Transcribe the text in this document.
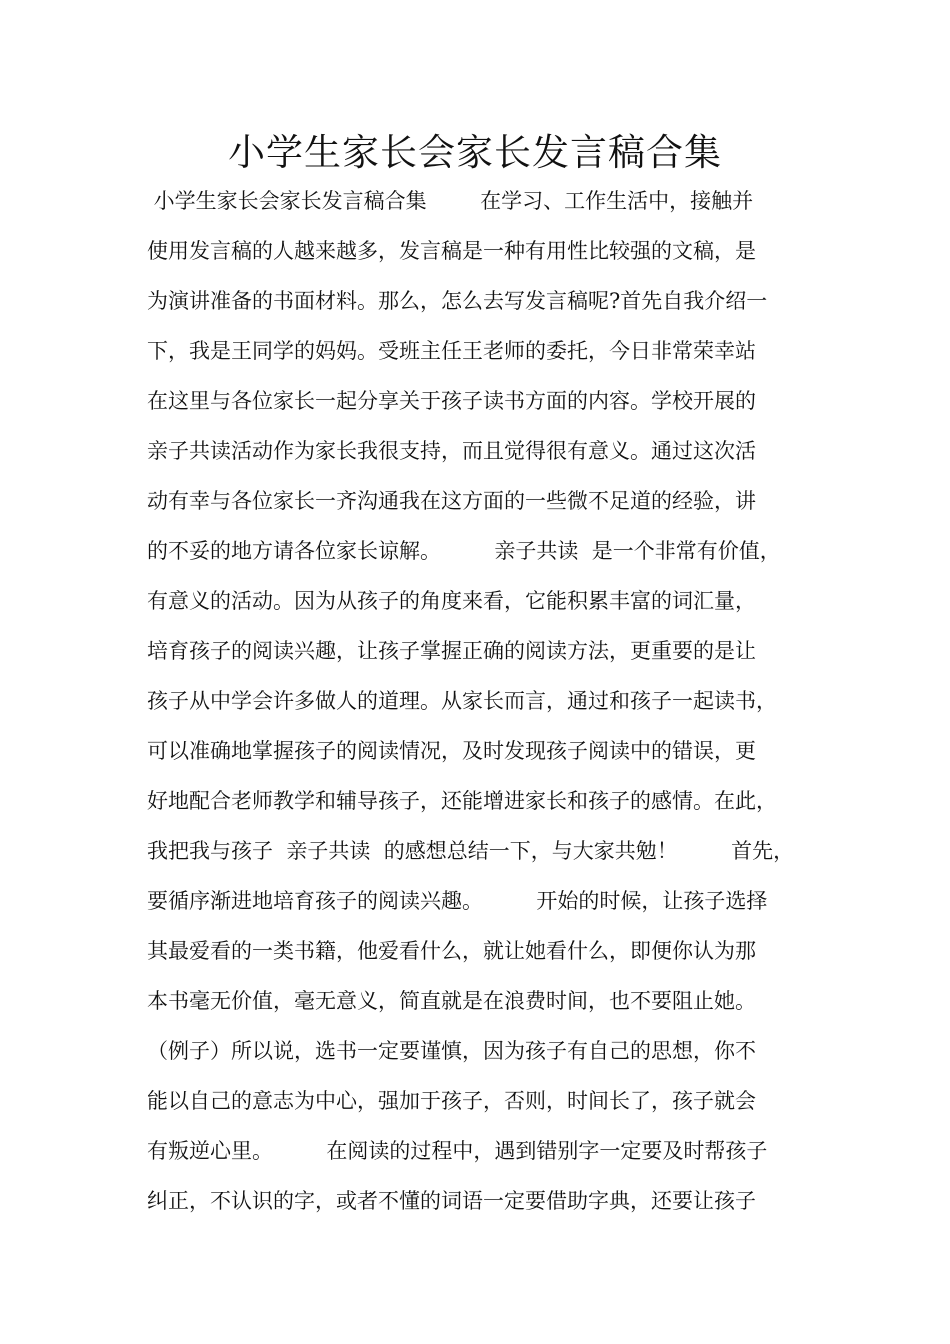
小学生家长会家长发言稿合集
小学生家长会家长发言稿合集        在学习、工作生活中，接触并
使用发言稿的人越来越多，发言稿是一种有用性比较强的文稿，是
为演讲准备的书面材料。那么，怎么去写发言稿呢?首先自我介绍一
下，我是王同学的妈妈。受班主任王老师的委托，今日非常荣幸站
在这里与各位家长一起分享关于孩子读书方面的内容。学校开展的
亲子共读活动作为家长我很支持，而且觉得很有意义。通过这次活
动有幸与各位家长一齐沟通我在这方面的一些微不足道的经验，讲
的不妥的地方请各位家长谅解。        亲子共读  是一个非常有价值，
有意义的活动。因为从孩子的角度来看，它能积累丰富的词汇量，
培育孩子的阅读兴趣，让孩子掌握正确的阅读方法，更重要的是让
孩子从中学会许多做人的道理。从家长而言，通过和孩子一起读书，
可以准确地掌握孩子的阅读情况，及时发现孩子阅读中的错误，更
好地配合老师教学和辅导孩子，还能增进家长和孩子的感情。在此，
我把我与孩子  亲子共读  的感想总结一下，与大家共勉！        首先，
要循序渐进地培育孩子的阅读兴趣。        开始的时候，让孩子选择
其最爱看的一类书籍，他爱看什么，就让她看什么，即便你认为那
本书毫无价值，毫无意义，简直就是在浪费时间，也不要阻止她。
（例子）所以说，选书一定要谨慎，因为孩子有自己的思想，你不
能以自己的意志为中心，强加于孩子，否则，时间长了，孩子就会
有叛逆心里。        在阅读的过程中，遇到错别字一定要及时帮孩子
纠正，不认识的字，或者不懂的词语一定要借助字典，还要让孩子
